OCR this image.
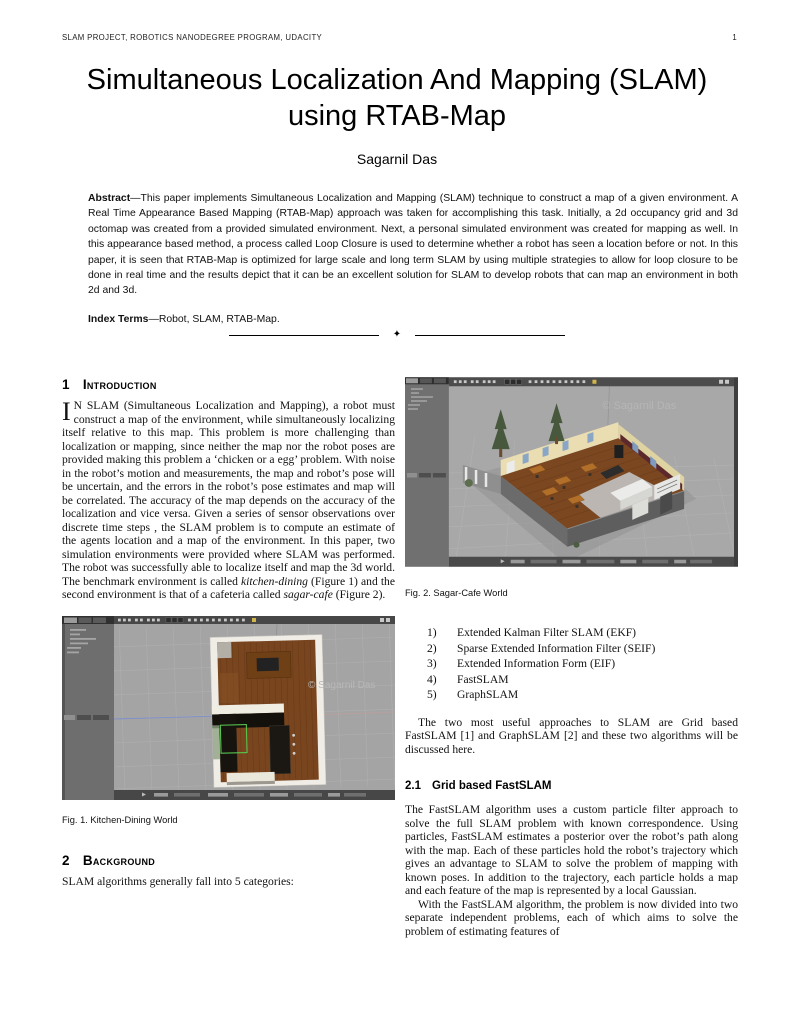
SLAM PROJECT, ROBOTICS NANODEGREE PROGRAM, UDACITY	1
Simultaneous Localization And Mapping (SLAM)
using RTAB-Map
Sagarnil Das

Abstract—This paper implements Simultaneous Localization and Mapping (SLAM) technique to construct a map of a given environment. A Real Time Appearance Based Mapping (RTAB-Map) approach was taken for accomplishing this task. Initially, a 2d occupancy grid and 3d octomap was created from a provided simulated environment. Next, a personal simulated environment was created for mapping as well. In this appearance based method, a process called Loop Closure is used to determine whether a robot has seen a location before or not. In this paper, it is seen that RTAB-Map is optimized for large scale and long term SLAM by using multiple strategies to allow for loop closure to be done in real time and the results depict that it can be an excellent solution for SLAM to develop robots that can map an environment in both 2d and 3d.

Index Terms—Robot, SLAM, RTAB-Map.

✦
1 Introduction

I N SLAM (Simultaneous Localization and Mapping), a robot must construct a map of the environment, while simultaneously localizing itself relative to this map. This problem is more challenging than localization or mapping, since neither the map nor the robot poses are provided making this problem a ‘chicken or a egg’ problem. With noise in the robot’s motion and measurements, the map and robot’s pose will be uncertain, and the errors in the robot’s pose estimates and map will be correlated. The accuracy of the map depends on the accuracy of the localization and vice versa. Given a series of sensor observations over discrete time steps , the SLAM problem is to compute an estimate of the agents location and a map of the environment. In this paper, two simulation environments were provided where SLAM was performed. The robot was successfully able to localize itself and map the 3d world. The benchmark environment is called kitchen-dining (Figure 1) and the second environment is that of a cafeteria called sagar-cafe (Figure 2).

© Sagarnil Das
Fig. 1. Kitchen-Dining World
2 Background

SLAM algorithms generally fall into 5 categories:

© Sagarnil Das
Fig. 2. Sagar-Cafe World
1)	Extended Kalman Filter SLAM (EKF)
2)	Sparse Extended Information Filter (SEIF)
3)	Extended Information Form (EIF)
4)	FastSLAM
5)	GraphSLAM

The two most useful approaches to SLAM are Grid based FastSLAM [1] and GraphSLAM [2] and these two algorithms will be discussed here.

2.1 Grid based FastSLAM

The FastSLAM algorithm uses a custom particle filter approach to solve the full SLAM problem with known correspondence. Using particles, FastSLAM estimates a posterior over the robot’s path along with the map. Each of these particles hold the robot’s trajectory which gives an advantage to SLAM to solve the problem of mapping with known poses. In addition to the trajectory, each particle holds a map and each feature of the map is represented by a local Gaussian.

With the FastSLAM algorithm, the problem is now divided into two separate independent problems, each of which aims to solve the problem of estimating features of
